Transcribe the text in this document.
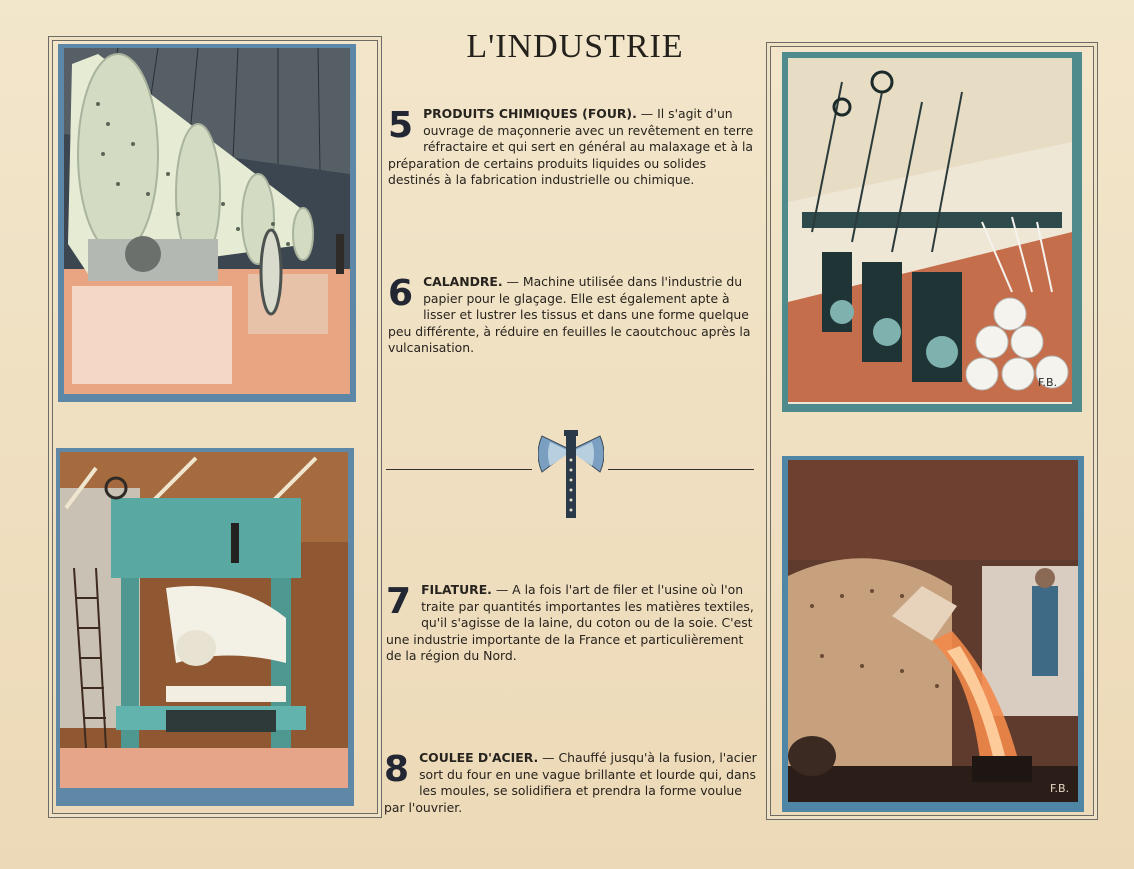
F.B.
F.B.
L'INDUSTRIE
5 PRODUITS CHIMIQUES (FOUR). — Il s'agit d'un ouvrage de maçonnerie avec un revêtement en terre réfractaire et qui sert en général au malaxage et à la préparation de certains produits liquides ou solides destinés à la fabrication industrielle ou chimique.
6 CALANDRE. — Machine utilisée dans l'industrie du papier pour le glaçage. Elle est également apte à lisser et lustrer les tissus et dans une forme quelque peu différente, à réduire en feuilles le caoutchouc après la vulcanisation.
7 FILATURE. — A la fois l'art de filer et l'usine où l'on traite par quantités importantes les matières textiles, qu'il s'agisse de la laine, du coton ou de la soie. C'est une industrie importante de la France et particulièrement de la région du Nord.
8 COULEE D'ACIER. — Chauffé jusqu'à la fusion, l'acier sort du four en une vague brillante et lourde qui, dans les moules, se solidifiera et prendra la forme voulue par l'ouvrier.
